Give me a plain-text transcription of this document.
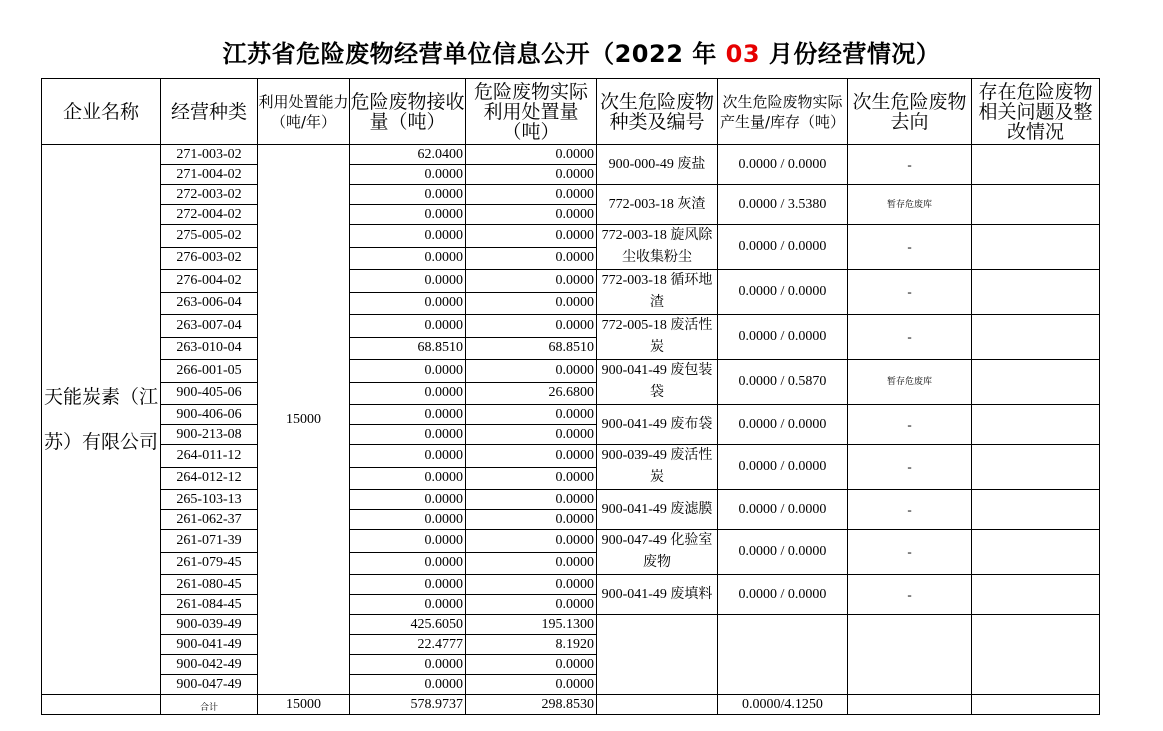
江苏省危险废物经营单位信息公开（2022 年 03 月份经营情况）
企业名称	经营种类	利用处置能力（吨/年）	危险废物接收量（吨）	危险废物实际利用处置量（吨）	次生危险废物种类及编号	次生危险废物实际产生量/库存（吨）	次生危险废物去向	存在危险废物相关问题及整改情况
天能炭素（江苏）有限公司	271-003-02	15000	62.0400	0.0000	900-000-49 废盐	0.0000 / 0.0000	-	
	271-004-02		0.0000	0.0000				
	272-003-02		0.0000	0.0000	772-003-18 灰渣	0.0000 / 3.5380	暂存危废库	
	272-004-02		0.0000	0.0000				
	275-005-02		0.0000	0.0000	772-003-18 旋风除尘收集粉尘	0.0000 / 0.0000	-	
	276-003-02		0.0000	0.0000				
	276-004-02		0.0000	0.0000	772-003-18 循环地渣	0.0000 / 0.0000	-	
	263-006-04		0.0000	0.0000				
	263-007-04		0.0000	0.0000	772-005-18 废活性炭	0.0000 / 0.0000	-	
	263-010-04		68.8510	68.8510				
	266-001-05		0.0000	0.0000	900-041-49 废包装袋	0.0000 / 0.5870	暂存危废库	
	900-405-06		0.0000	26.6800				
	900-406-06		0.0000	0.0000	900-041-49 废布袋	0.0000 / 0.0000	-	
	900-213-08		0.0000	0.0000				
	264-011-12		0.0000	0.0000	900-039-49 废活性炭	0.0000 / 0.0000	-	
	264-012-12		0.0000	0.0000				
	265-103-13		0.0000	0.0000	900-041-49 废滤膜	0.0000 / 0.0000	-	
	261-062-37		0.0000	0.0000				
	261-071-39		0.0000	0.0000	900-047-49 化验室废物	0.0000 / 0.0000	-	
	261-079-45		0.0000	0.0000				
	261-080-45		0.0000	0.0000	900-041-49 废填料	0.0000 / 0.0000	-	
	261-084-45		0.0000	0.0000				
	900-039-49		425.6050	195.1300				
	900-041-49		22.4777	8.1920				
	900-042-49		0.0000	0.0000				
	900-047-49		0.0000	0.0000				
	合计	15000	578.9737	298.8530		0.0000/4.1250		
